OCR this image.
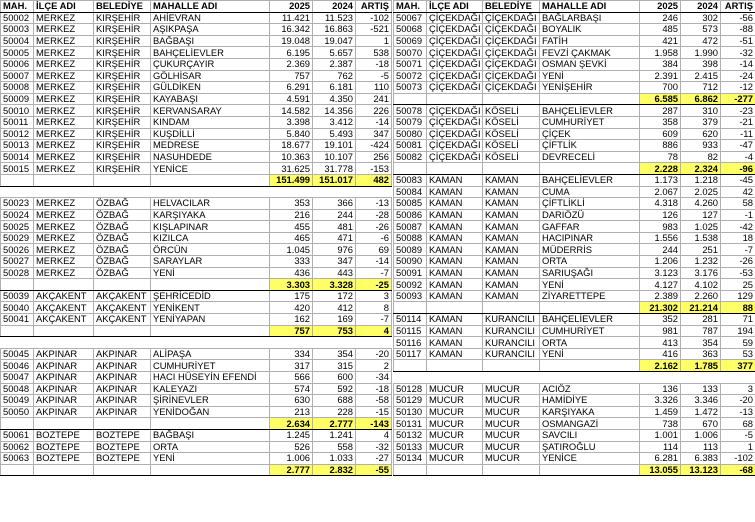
MAH.	İLÇE ADI	BELEDİYE	MAHALLE ADI	2025	2024	ARTIŞ
50002	MERKEZ	KIRŞEHİR	AHİEVRAN	11.421	11.523	-102
50003	MERKEZ	KIRŞEHİR	AŞIKPAŞA	16.342	16.863	-521
50004	MERKEZ	KIRŞEHİR	BAĞBAŞI	19.048	19.047	1
50005	MERKEZ	KIRŞEHİR	BAHÇELİEVLER	6.195	5.657	538
50006	MERKEZ	KIRŞEHİR	ÇUKURÇAYIR	2.369	2.387	-18
50007	MERKEZ	KIRŞEHİR	GÖLHİSAR	757	762	-5
50008	MERKEZ	KIRŞEHİR	GÜLDİKEN	6.291	6.181	110
50009	MERKEZ	KIRŞEHİR	KAYABAŞI	4.591	4.350	241
50010	MERKEZ	KIRŞEHİR	KERVANSARAY	14.582	14.356	226
50011	MERKEZ	KIRŞEHİR	KINDAM	3.398	3.412	-14
50012	MERKEZ	KIRŞEHİR	KUŞDİLLİ	5.840	5.493	347
50013	MERKEZ	KIRŞEHİR	MEDRESE	18.677	19.101	-424
50014	MERKEZ	KIRŞEHİR	NASUHDEDE	10.363	10.107	256
50015	MERKEZ	KIRŞEHİR	YENİCE	31.625	31.778	-153
				151.499	151.017	482

50023	MERKEZ	ÖZBAĞ	HELVACILAR	353	366	-13
50024	MERKEZ	ÖZBAĞ	KARŞIYAKA	216	244	-28
50025	MERKEZ	ÖZBAĞ	KIŞLAPINAR	455	481	-26
50029	MERKEZ	ÖZBAĞ	KIZILCA	465	471	-6
50026	MERKEZ	ÖZBAĞ	ÖRCÜN	1.045	976	69
50027	MERKEZ	ÖZBAĞ	SARAYLAR	333	347	-14
50028	MERKEZ	ÖZBAĞ	YENİ	436	443	-7
				3.303	3.328	-25
50039	AKÇAKENT	AKÇAKENT	ŞEHRİCEDİD	175	172	3
50040	AKÇAKENT	AKÇAKENT	YENİKENT	420	412	8
50041	AKÇAKENT	AKÇAKENT	YENİYAPAN	162	169	-7
				757	753	4

50045	AKPINAR	AKPINAR	ALİPAŞA	334	354	-20
50046	AKPINAR	AKPINAR	CUMHURİYET	317	315	2
50047	AKPINAR	AKPINAR	HACI HÜSEYİN EFENDİ	566	600	-34
50048	AKPINAR	AKPINAR	KALEYAZI	574	592	-18
50049	AKPINAR	AKPINAR	ŞİRİNEVLER	630	688	-58
50050	AKPINAR	AKPINAR	YENİDOĞAN	213	228	-15
				2.634	2.777	-143
50061	BOZTEPE	BOZTEPE	BAĞBAŞI	1.245	1.241	4
50062	BOZTEPE	BOZTEPE	ORTA	526	558	-32
50063	BOZTEPE	BOZTEPE	YENİ	1.006	1.033	-27
				2.777	2.832	-55
MAH.	İLÇE ADI	BELEDİYE	MAHALLE ADI	2025	2024	ARTIŞ
50067	ÇİÇEKDAĞI	ÇİÇEKDAĞI	BAĞLARBAŞI	246	302	-56
50068	ÇİÇEKDAĞI	ÇİÇEKDAĞI	BOYALIK	485	573	-88
50069	ÇİÇEKDAĞI	ÇİÇEKDAĞI	FATİH	421	472	-51
50070	ÇİÇEKDAĞI	ÇİÇEKDAĞI	FEVZİ ÇAKMAK	1.958	1.990	-32
50071	ÇİÇEKDAĞI	ÇİÇEKDAĞI	OSMAN ŞEVKİ	384	398	-14
50072	ÇİÇEKDAĞI	ÇİÇEKDAĞI	YENİ	2.391	2.415	-24
50073	ÇİÇEKDAĞI	ÇİÇEKDAĞI	YENİŞEHİR	700	712	-12
				6.585	6.862	-277
50078	ÇİÇEKDAĞI	KÖSELİ	BAHÇELİEVLER	287	310	-23
50079	ÇİÇEKDAĞI	KÖSELİ	CUMHURİYET	358	379	-21
50080	ÇİÇEKDAĞI	KÖSELİ	ÇİÇEK	609	620	-11
50081	ÇİÇEKDAĞI	KÖSELİ	ÇİFTLİK	886	933	-47
50082	ÇİÇEKDAĞI	KÖSELİ	DEVRECELİ	78	82	-4
				2.228	2.324	-96
50083	KAMAN	KAMAN	BAHÇELİEVLER	1.173	1.218	-45
50084	KAMAN	KAMAN	CUMA	2.067	2.025	42
50085	KAMAN	KAMAN	ÇİFTLİKLİ	4.318	4.260	58
50086	KAMAN	KAMAN	DARIÖZÜ	126	127	-1
50087	KAMAN	KAMAN	GAFFAR	983	1.025	-42
50088	KAMAN	KAMAN	HACIPINAR	1.556	1.538	18
50089	KAMAN	KAMAN	MÜDERRİS	244	251	-7
50090	KAMAN	KAMAN	ORTA	1.206	1.232	-26
50091	KAMAN	KAMAN	SARIUŞAĞI	3.123	3.176	-53
50092	KAMAN	KAMAN	YENİ	4.127	4.102	25
50093	KAMAN	KAMAN	ZİYARETTEPE	2.389	2.260	129
				21.302	21.214	88
50114	KAMAN	KURANCILI	BAHÇELİEVLER	352	281	71
50115	KAMAN	KURANCILI	CUMHURİYET	981	787	194
50116	KAMAN	KURANCILI	ORTA	413	354	59
50117	KAMAN	KURANCILI	YENİ	416	363	53
				2.162	1.785	377

50128	MUCUR	MUCUR	ACIÖZ	136	133	3
50129	MUCUR	MUCUR	HAMİDİYE	3.326	3.346	-20
50130	MUCUR	MUCUR	KARŞIYAKA	1.459	1.472	-13
50131	MUCUR	MUCUR	OSMANGAZİ	738	670	68
50132	MUCUR	MUCUR	SAVCILI	1.001	1.006	-5
50133	MUCUR	MUCUR	ŞATIROĞLU	114	113	1
50134	MUCUR	MUCUR	YENİCE	6.281	6.383	-102
				13.055	13.123	-68
